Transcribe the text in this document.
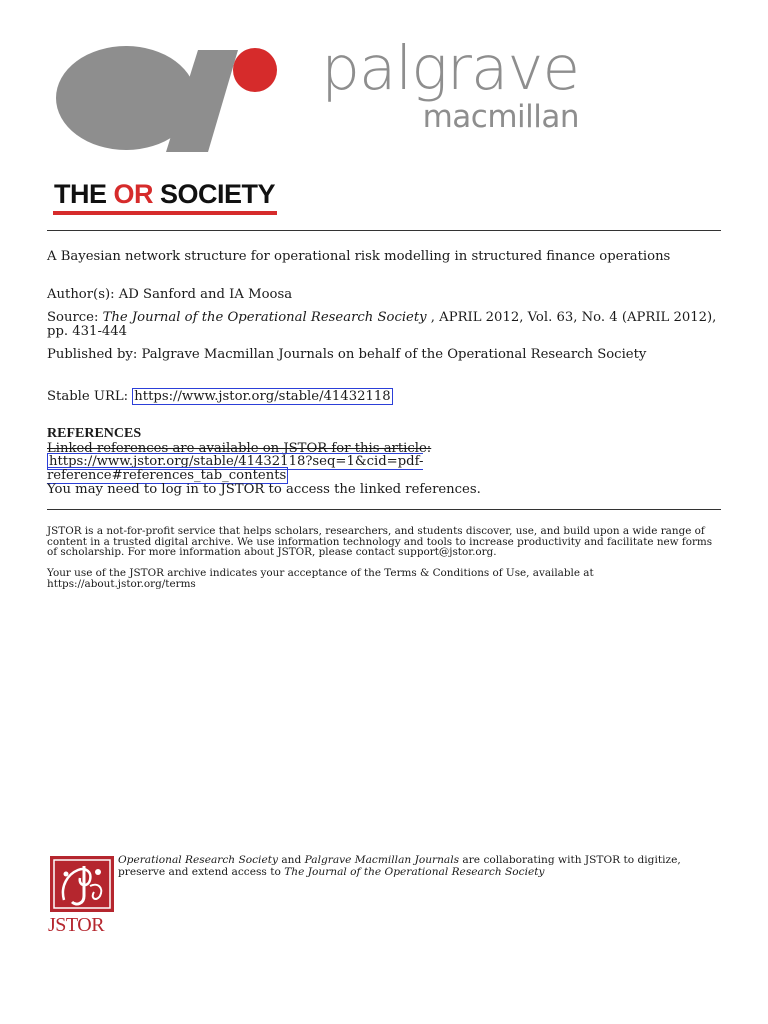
palgrave
macmillan
THE OR SOCIETY
A Bayesian network structure for operational risk modelling in structured finance operations
Author(s): AD Sanford and IA Moosa
Source: The Journal of the Operational Research Society , APRIL 2012, Vol. 63, No. 4 (APRIL 2012), pp. 431-444
Published by: Palgrave Macmillan Journals on behalf of the Operational Research Society
Stable URL: https://www.jstor.org/stable/41432118
REFERENCES
Linked references are available on JSTOR for this article:
https://www.jstor.org/stable/41432118?seq=1&cid=pdf-reference#references_tab_contents
You may need to log in to JSTOR to access the linked references.
JSTOR is a not-for-profit service that helps scholars, researchers, and students discover, use, and build upon a wide range of content in a trusted digital archive. We use information technology and tools to increase productivity and facilitate new forms of scholarship. For more information about JSTOR, please contact support@jstor.org.
Your use of the JSTOR archive indicates your acceptance of the Terms & Conditions of Use, available at https://about.jstor.org/terms
JSTOR
Operational Research Society and Palgrave Macmillan Journals are collaborating with JSTOR to digitize, preserve and extend access to The Journal of the Operational Research Society
